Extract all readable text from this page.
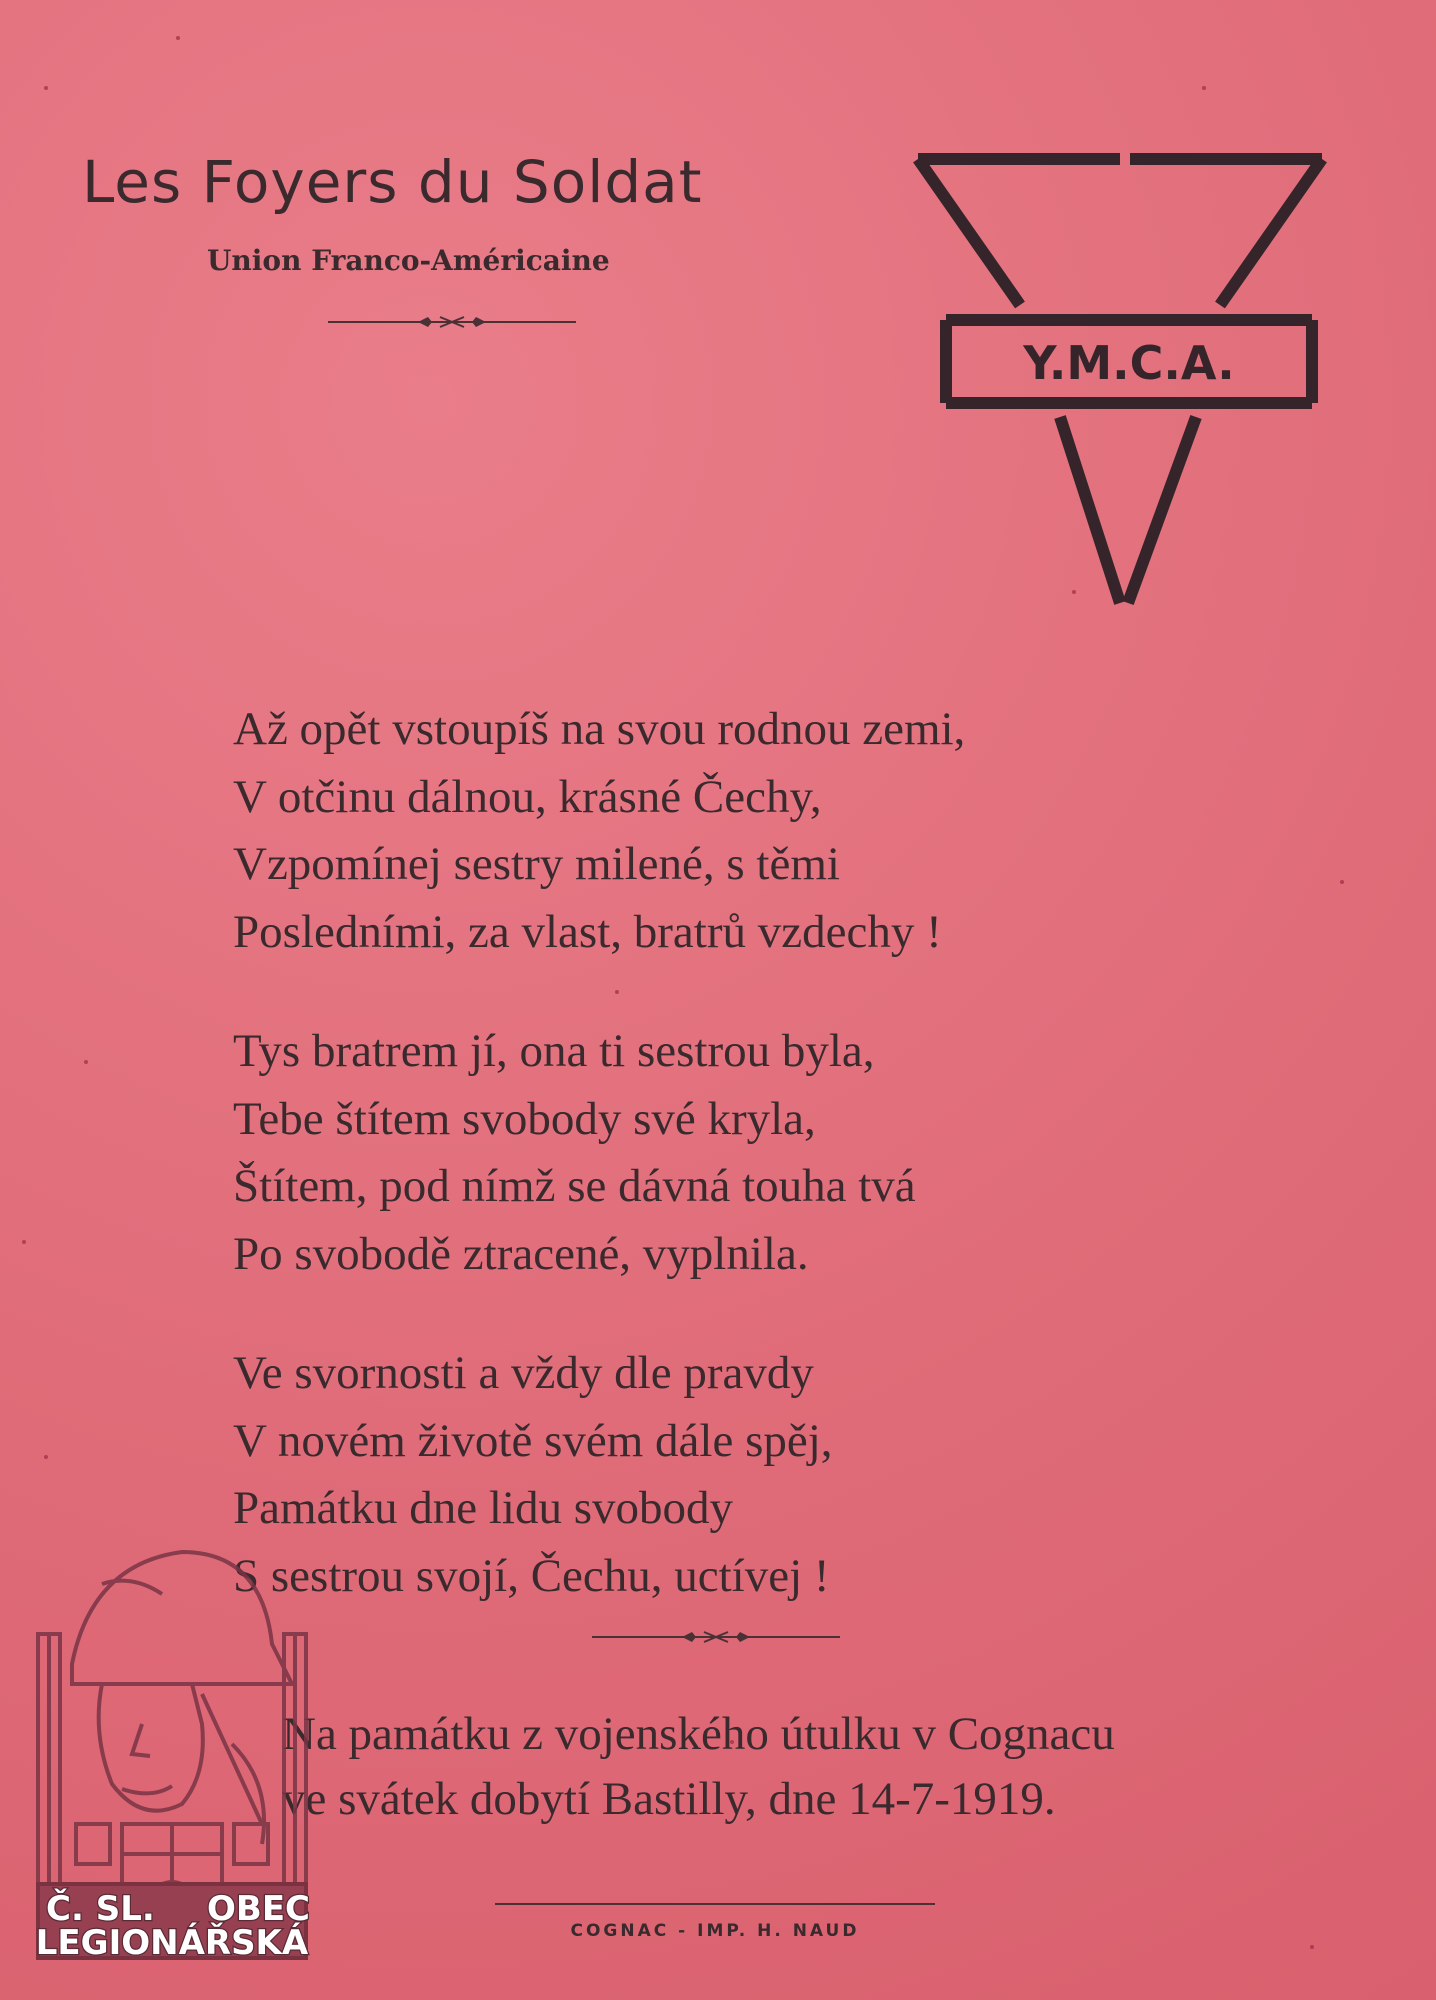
Les Foyers du Soldat
Union Franco-Américaine
Y.M.C.A.
Až opět vstoupíš na svou rodnou zemi,
V otčinu dálnou, krásné Čechy,
Vzpomínej sestry milené, s těmi
Posledními, za vlast, bratrů vzdechy !
Tys bratrem jí, ona ti sestrou byla,
Tebe štítem svobody své kryla,
Štítem, pod nímž se dávná touha tvá
Po svobodě ztracené, vyplnila.
Ve svornosti a vždy dle pravdy
V novém životě svém dále spěj,
Památku dne lidu svobody
S sestrou svojí, Čechu, uctívej !
Na památku z vojenského útulku v Cognacu
ve svátek dobytí Bastilly, dne 14-7-1919.
COGNAC - IMP. H. NAUD
Č. SL. OBEC
LEGIONÁŘSKÁ
